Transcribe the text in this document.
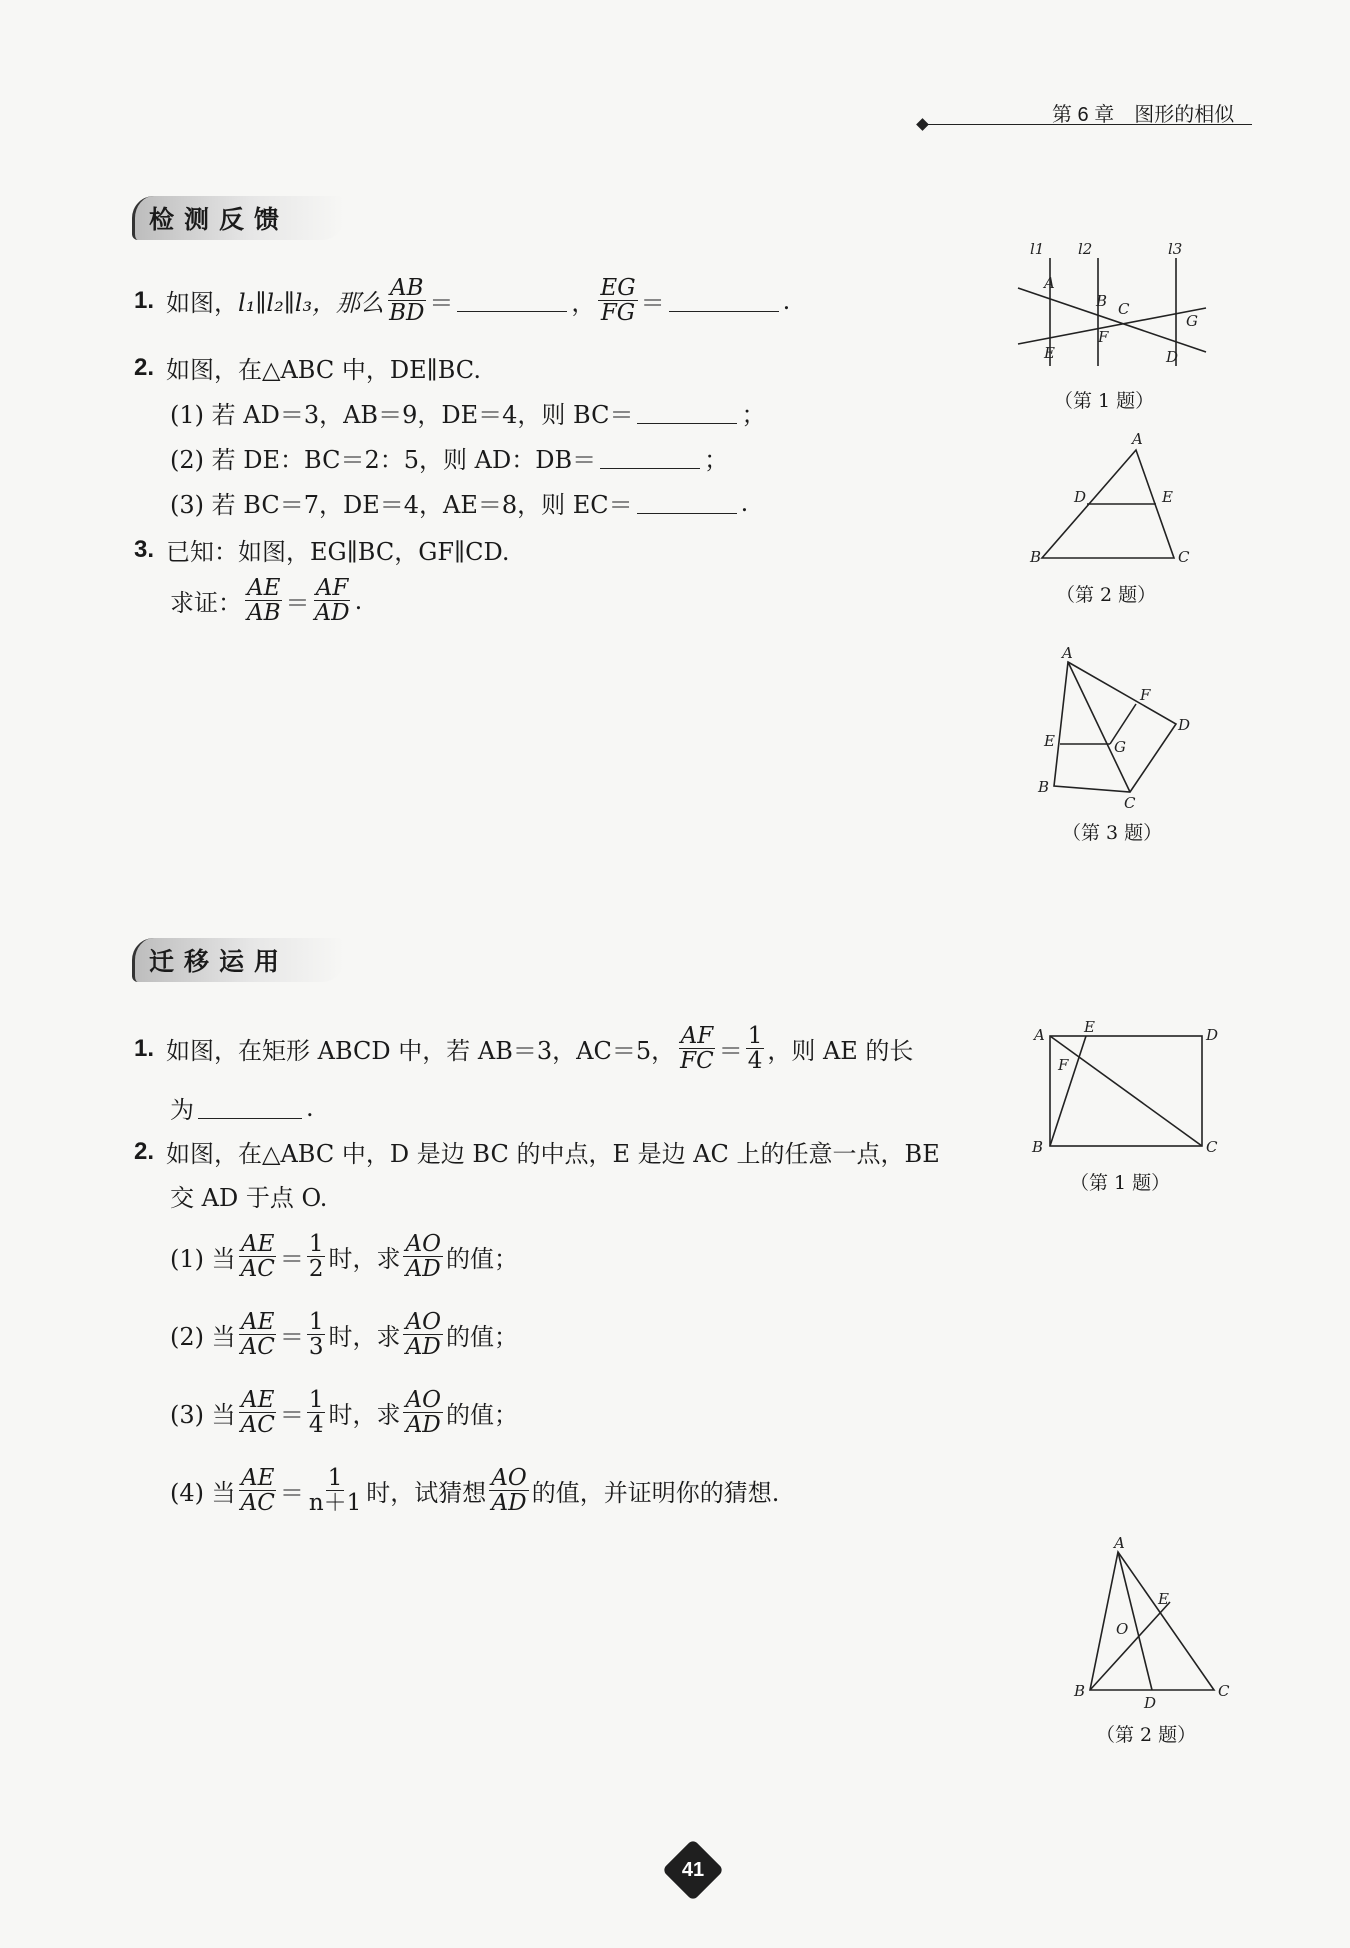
第 6 章　图形的相似
检测反馈
1. 如图， l₁∥l₂∥l₃，那么 $\frac{AB}{BD}$ ＝	， $\frac{EG}{FG}$ ＝	.
2. 如图，在△ABC 中，DE∥BC.
(1) 若 AD＝3，AB＝9，DE＝4，则 BC＝	；
(2) 若 DE：BC＝2：5，则 AD：DB＝	；
(3) 若 BC＝7，DE＝4，AE＝8，则 EC＝	.
3. 已知：如图，EG∥BC，GF∥CD.
求证： $\frac{AE}{AB} = \frac{AF}{AD}$ .
l1 l2	l3
A
B C
E
F
G
D
（第 1 题）
A
D	E
B	C
（第 2 题）
A
F
D
E	G
B
C
（第 3 题）
迁移运用
1. 如图，在矩形 ABCD 中，若 AB＝3，AC＝5， $\frac{AF}{FC} = \frac{1}{4}$ ，则 AE 的长
为	.
2. 如图，在△ABC 中，D 是边 BC 的中点，E 是边 AC 上的任意一点，BE
交 AD 于点 O.
(1) 当 $\frac{AE}{AC} = \frac{1}{2}$ 时，求 $\frac{AO}{AD}$ 的值；
(2) 当 $\frac{AE}{AC} = \frac{1}{3}$ 时，求 $\frac{AO}{AD}$ 的值；
(3) 当 $\frac{AE}{AC} = \frac{1}{4}$ 时，求 $\frac{AO}{AD}$ 的值；
(4) 当 $\frac{AE}{AC} = \frac{1}{n+1}$ 时，试猜想 $\frac{AO}{AD}$ 的值，并证明你的猜想.
A	E	D
F
B	C
（第 1 题）
A
E
O
B
D
C
（第 2 题）
41
